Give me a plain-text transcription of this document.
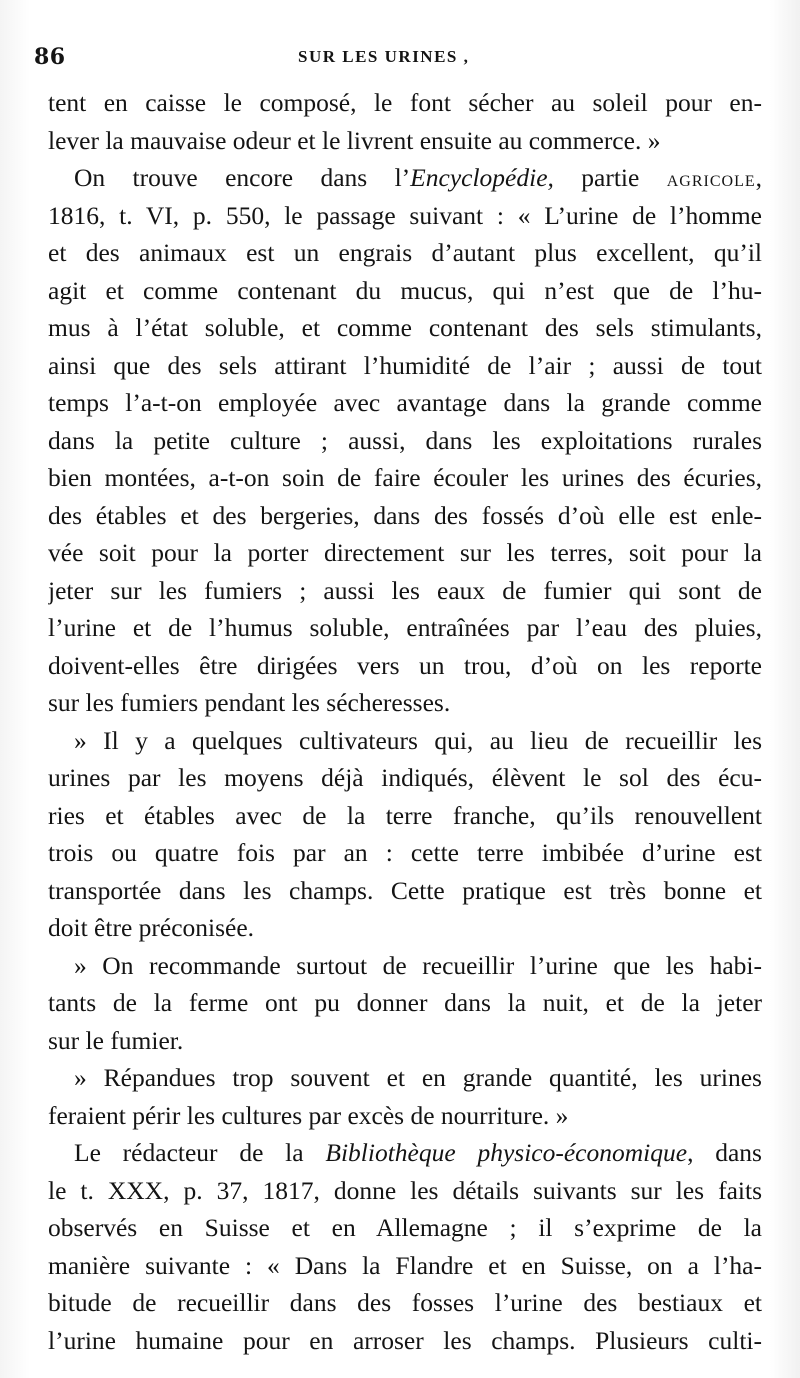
86	SUR LES URINES ,
tent en caisse le composé, le font sécher au soleil pour en-
lever la mauvaise odeur et le livrent ensuite au commerce. »
On trouve encore dans l’Encyclopédie, partie agricole,
1816, t. VI, p. 550, le passage suivant : « L’urine de l’homme
et des animaux est un engrais d’autant plus excellent, qu’il
agit et comme contenant du mucus, qui n’est que de l’hu-
mus à l’état soluble, et comme contenant des sels stimulants,
ainsi que des sels attirant l’humidité de l’air ; aussi de tout
temps l’a-t-on employée avec avantage dans la grande comme
dans la petite culture ; aussi, dans les exploitations rurales
bien montées, a-t-on soin de faire écouler les urines des écuries,
des étables et des bergeries, dans des fossés d’où elle est enle-
vée soit pour la porter directement sur les terres, soit pour la
jeter sur les fumiers ; aussi les eaux de fumier qui sont de
l’urine et de l’humus soluble, entraînées par l’eau des pluies,
doivent-elles être dirigées vers un trou, d’où on les reporte
sur les fumiers pendant les sécheresses.
» Il y a quelques cultivateurs qui, au lieu de recueillir les
urines par les moyens déjà indiqués, élèvent le sol des écu-
ries et étables avec de la terre franche, qu’ils renouvellent
trois ou quatre fois par an : cette terre imbibée d’urine est
transportée dans les champs. Cette pratique est très bonne et
doit être préconisée.
» On recommande surtout de recueillir l’urine que les habi-
tants de la ferme ont pu donner dans la nuit, et de la jeter
sur le fumier.
» Répandues trop souvent et en grande quantité, les urines
feraient périr les cultures par excès de nourriture. »
Le rédacteur de la Bibliothèque physico-économique, dans
le t. XXX, p. 37, 1817, donne les détails suivants sur les faits
observés en Suisse et en Allemagne ; il s’exprime de la
manière suivante : « Dans la Flandre et en Suisse, on a l’ha-
bitude de recueillir dans des fosses l’urine des bestiaux et
l’urine humaine pour en arroser les champs. Plusieurs culti-
